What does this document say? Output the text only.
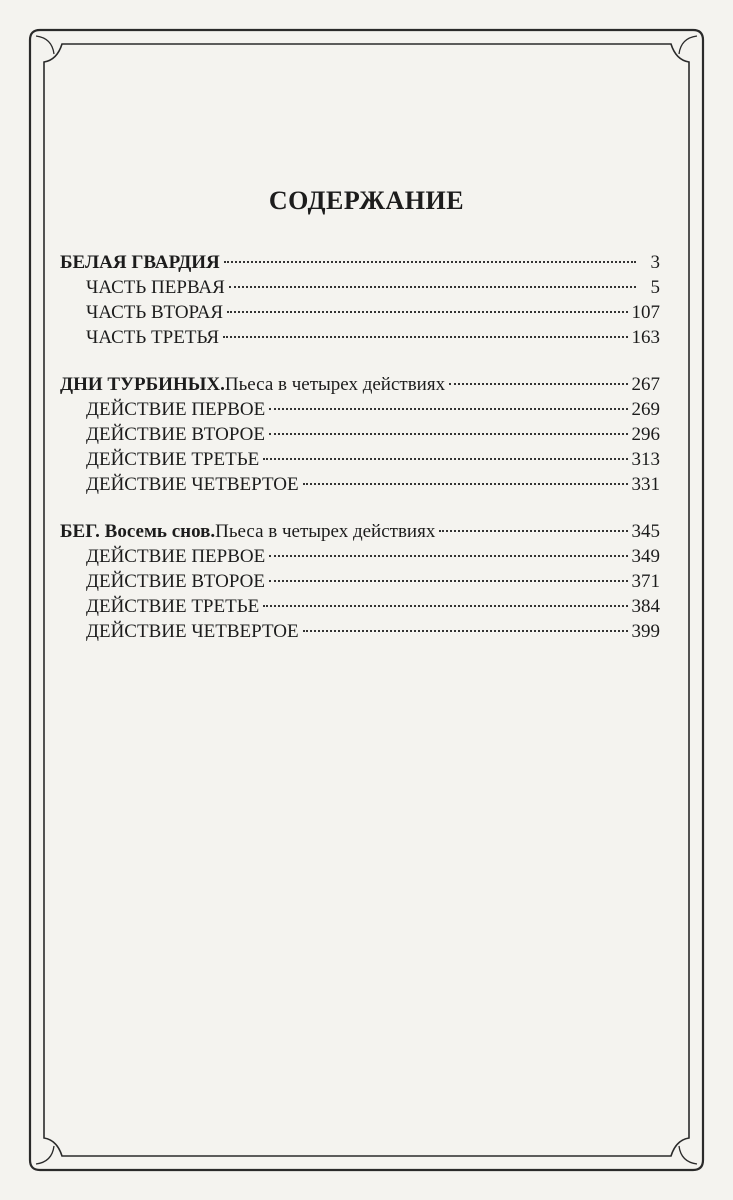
СОДЕРЖАНИЕ
БЕЛАЯ ГВАРДИЯ	3
ЧАСТЬ ПЕРВАЯ	5
ЧАСТЬ ВТОРАЯ	107
ЧАСТЬ ТРЕТЬЯ	163
ДНИ ТУРБИНЫХ. Пьеса в четырех действиях	267
ДЕЙСТВИЕ ПЕРВОЕ	269
ДЕЙСТВИЕ ВТОРОЕ	296
ДЕЙСТВИЕ ТРЕТЬЕ	313
ДЕЙСТВИЕ ЧЕТВЕРТОЕ	331
БЕГ. Восемь снов. Пьеса в четырех действиях	345
ДЕЙСТВИЕ ПЕРВОЕ	349
ДЕЙСТВИЕ ВТОРОЕ	371
ДЕЙСТВИЕ ТРЕТЬЕ	384
ДЕЙСТВИЕ ЧЕТВЕРТОЕ	399
